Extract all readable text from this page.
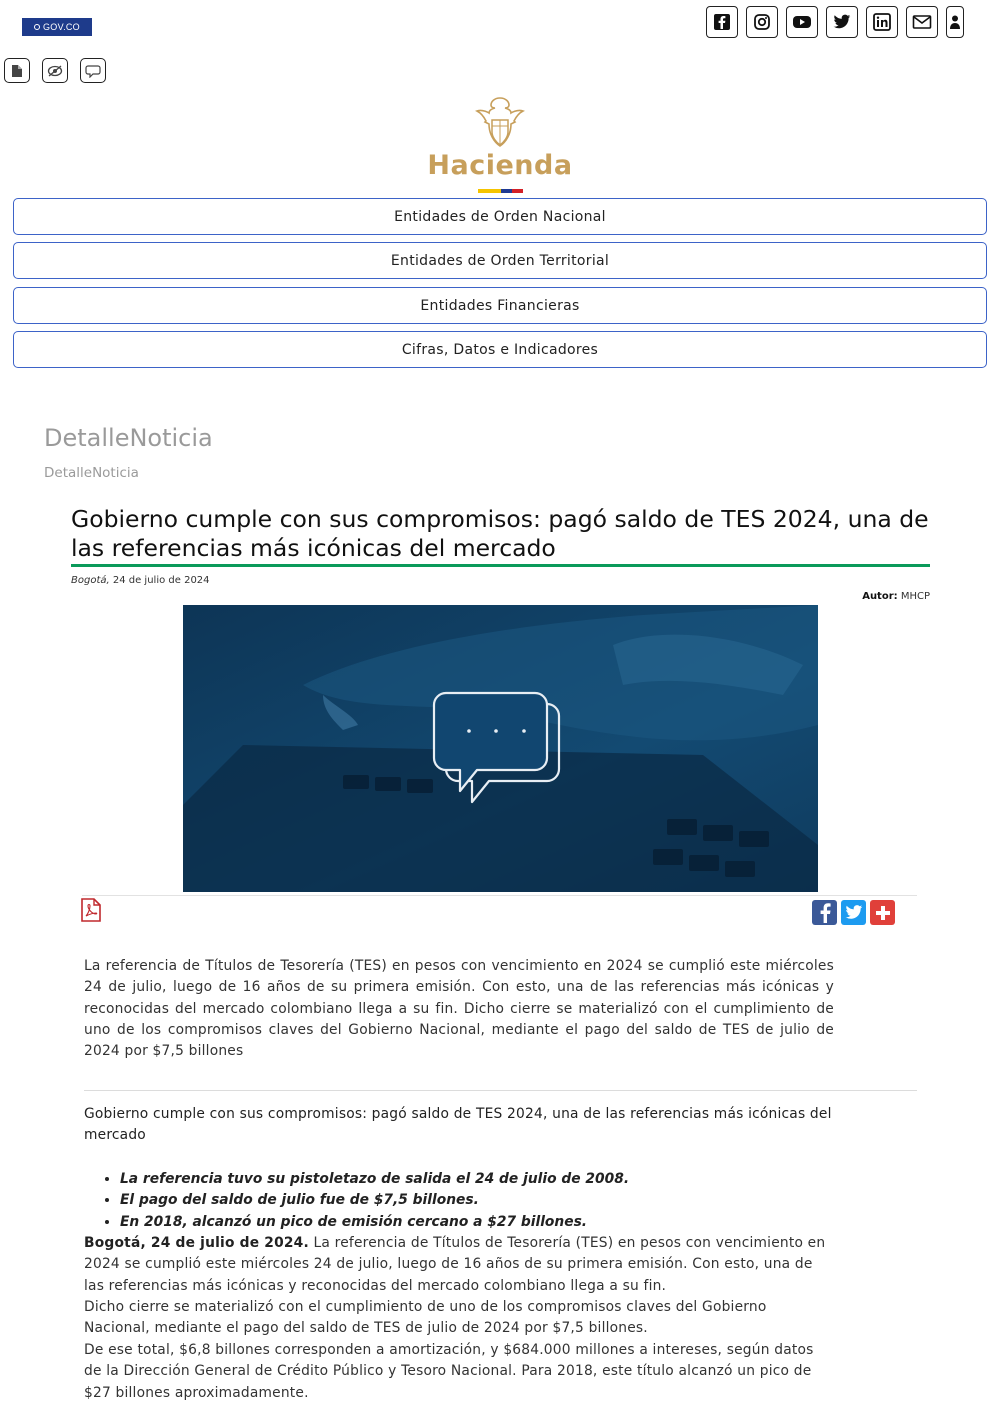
GOV.CO
Hacienda
Entidades de Orden Nacional
Entidades de Orden Territorial
Entidades Financieras
Cifras, Datos e Indicadores
DetalleNoticia
DetalleNoticia
Gobierno cumple con sus compromisos: pagó saldo de TES 2024, una de las referencias más icónicas del mercado
Bogotá, 24 de julio de 2024
Autor: MHCP

La referencia de Títulos de Tesorería (TES) en pesos con vencimiento en 2024 se cumplió este miércoles 24 de julio, luego de 16 años de su primera emisión. Con esto, una de las referencias más icónicas y reconocidas del mercado colombiano llega a su fin. Dicho cierre se materializó con el cumplimiento de uno de los compromisos claves del Gobierno Nacional, mediante el pago del saldo de TES de julio de 2024 por $7,5 billones

Gobierno cumple con sus compromisos: pagó saldo de TES 2024, una de las referencias más icónicas del mercado

• La referencia tuvo su pistoletazo de salida el 24 de julio de 2008.
• El pago del saldo de julio fue de $7,5 billones.
• En 2018, alcanzó un pico de emisión cercano a $27 billones.

Bogotá, 24 de julio de 2024. La referencia de Títulos de Tesorería (TES) en pesos con vencimiento en 2024 se cumplió este miércoles 24 de julio, luego de 16 años de su primera emisión. Con esto, una de las referencias más icónicas y reconocidas del mercado colombiano llega a su fin.

Dicho cierre se materializó con el cumplimiento de uno de los compromisos claves del Gobierno Nacional, mediante el pago del saldo de TES de julio de 2024 por $7,5 billones.

De ese total, $6,8 billones corresponden a amortización, y $684.000 millones a intereses, según datos de la Dirección General de Crédito Público y Tesoro Nacional. Para 2018, este título alcanzó un pico de $27 billones aproximadamente.
